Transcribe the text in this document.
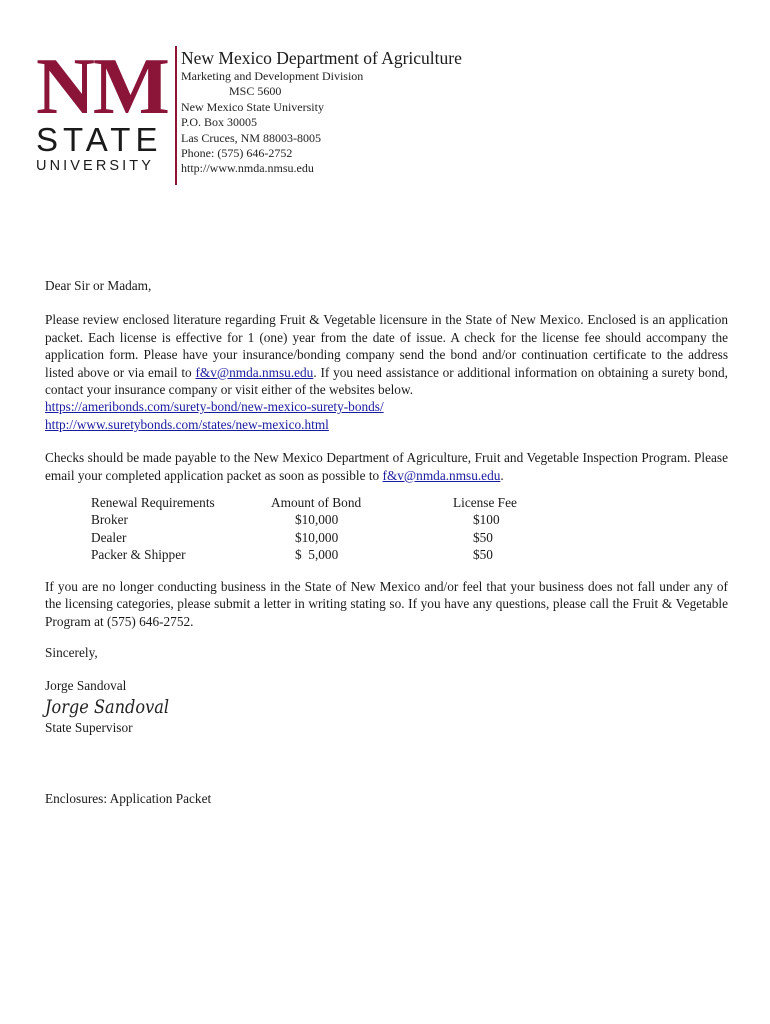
NM
STATE
UNIVERSITY
New Mexico Department of Agriculture
Marketing and Development Division
MSC 5600
New Mexico State University
P.O. Box 30005
Las Cruces, NM 88003-8005
Phone: (575) 646-2752
http://www.nmda.nmsu.edu

Dear Sir or Madam,

Please review enclosed literature regarding Fruit & Vegetable licensure in the State of New Mexico. Enclosed is an application packet. Each license is effective for 1 (one) year from the date of issue. A check for the license fee should accompany the application form. Please have your insurance/bonding company send the bond and/or continuation certificate to the address listed above or via email to f&v@nmda.nmsu.edu. If you need assistance or additional information on obtaining a surety bond, contact your insurance company or visit either of the websites below.
https://ameribonds.com/surety-bond/new-mexico-surety-bonds/
http://www.suretybonds.com/states/new-mexico.html

Checks should be made payable to the New Mexico Department of Agriculture, Fruit and Vegetable Inspection Program. Please email your completed application packet as soon as possible to f&v@nmda.nmsu.edu.

Renewal Requirements	Amount of Bond	License Fee
Broker	$10,000	$100
Dealer	$10,000	$50
Packer & Shipper	$  5,000	$50

If you are no longer conducting business in the State of New Mexico and/or feel that your business does not fall under any of the licensing categories, please submit a letter in writing stating so. If you have any questions, please call the Fruit & Vegetable Program at (575) 646-2752.

Sincerely,

Jorge Sandoval

Jorge Sandoval

State Supervisor

Enclosures: Application Packet
